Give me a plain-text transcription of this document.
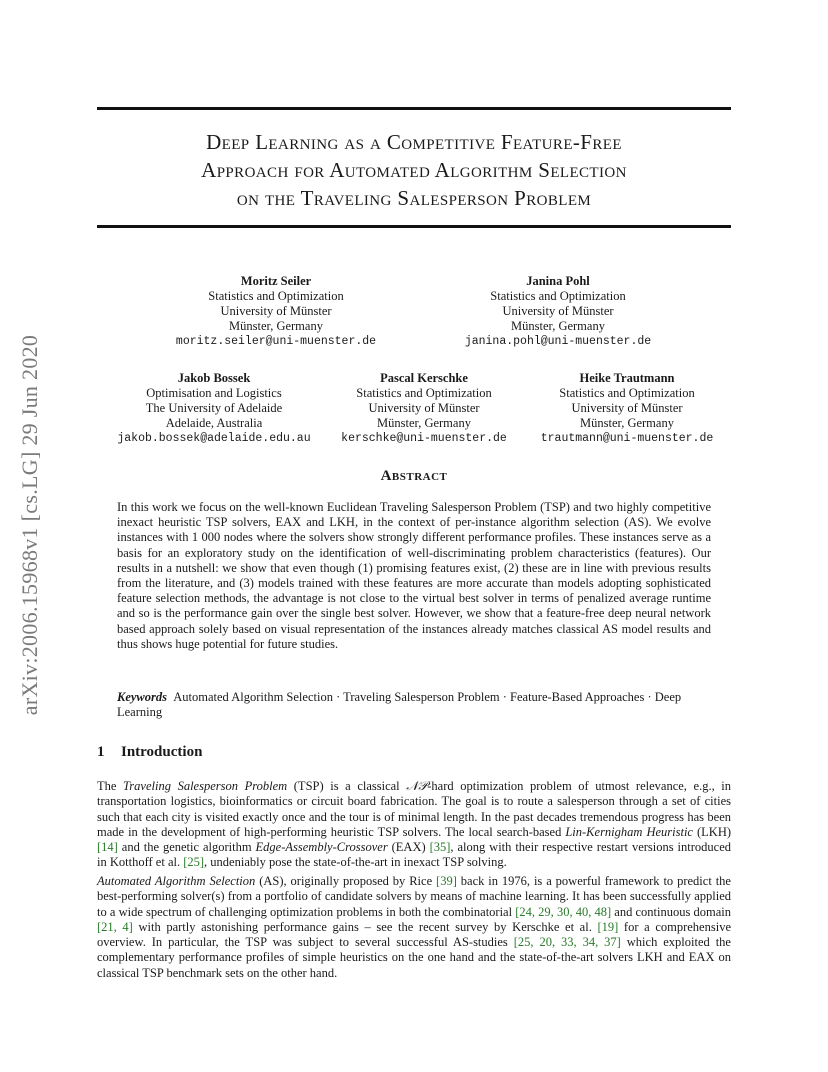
arXiv:2006.15968v1 [cs.LG] 29 Jun 2020
Deep Learning as a Competitive Feature-Free
Approach for Automated Algorithm Selection
on the Traveling Salesperson Problem
Moritz Seiler
Statistics and Optimization
University of Münster
Münster, Germany
moritz.seiler@uni-muenster.de
Janina Pohl
Statistics and Optimization
University of Münster
Münster, Germany
janina.pohl@uni-muenster.de
Jakob Bossek
Optimisation and Logistics
The University of Adelaide
Adelaide, Australia
jakob.bossek@adelaide.edu.au
Pascal Kerschke
Statistics and Optimization
University of Münster
Münster, Germany
kerschke@uni-muenster.de
Heike Trautmann
Statistics and Optimization
University of Münster
Münster, Germany
trautmann@uni-muenster.de
Abstract
In this work we focus on the well-known Euclidean Traveling Salesperson Problem (TSP) and two highly competitive inexact heuristic TSP solvers, EAX and LKH, in the context of per-instance algorithm selection (AS). We evolve instances with 1 000 nodes where the solvers show strongly different performance profiles. These instances serve as a basis for an exploratory study on the identification of well-discriminating problem characteristics (features). Our results in a nutshell: we show that even though (1) promising features exist, (2) these are in line with previous results from the literature, and (3) models trained with these features are more accurate than models adopting sophisticated feature selection methods, the advantage is not close to the virtual best solver in terms of penalized average runtime and so is the performance gain over the single best solver. However, we show that a feature-free deep neural network based approach solely based on visual representation of the instances already matches classical AS model results and thus shows huge potential for future studies.
Keywords Automated Algorithm Selection · Traveling Salesperson Problem · Feature-Based Approaches · Deep Learning
1 Introduction
The Traveling Salesperson Problem (TSP) is a classical 𝒩𝒫-hard optimization problem of utmost relevance, e.g., in transportation logistics, bioinformatics or circuit board fabrication. The goal is to route a salesperson through a set of cities such that each city is visited exactly once and the tour is of minimal length. In the past decades tremendous progress has been made in the development of high-performing heuristic TSP solvers. The local search-based Lin-Kernigham Heuristic (LKH) [14] and the genetic algorithm Edge-Assembly-Crossover (EAX) [35], along with their respective restart versions introduced in Kotthoff et al. [25], undeniably pose the state-of-the-art in inexact TSP solving.
Automated Algorithm Selection (AS), originally proposed by Rice [39] back in 1976, is a powerful framework to predict the best-performing solver(s) from a portfolio of candidate solvers by means of machine learning. It has been successfully applied to a wide spectrum of challenging optimization problems in both the combinatorial [24, 29, 30, 40, 48] and continuous domain [21, 4] with partly astonishing performance gains – see the recent survey by Kerschke et al. [19] for a comprehensive overview. In particular, the TSP was subject to several successful AS-studies [25, 20, 33, 34, 37] which exploited the complementary performance profiles of simple heuristics on the one hand and the state-of-the-art solvers LKH and EAX on classical TSP benchmark sets on the other hand.
